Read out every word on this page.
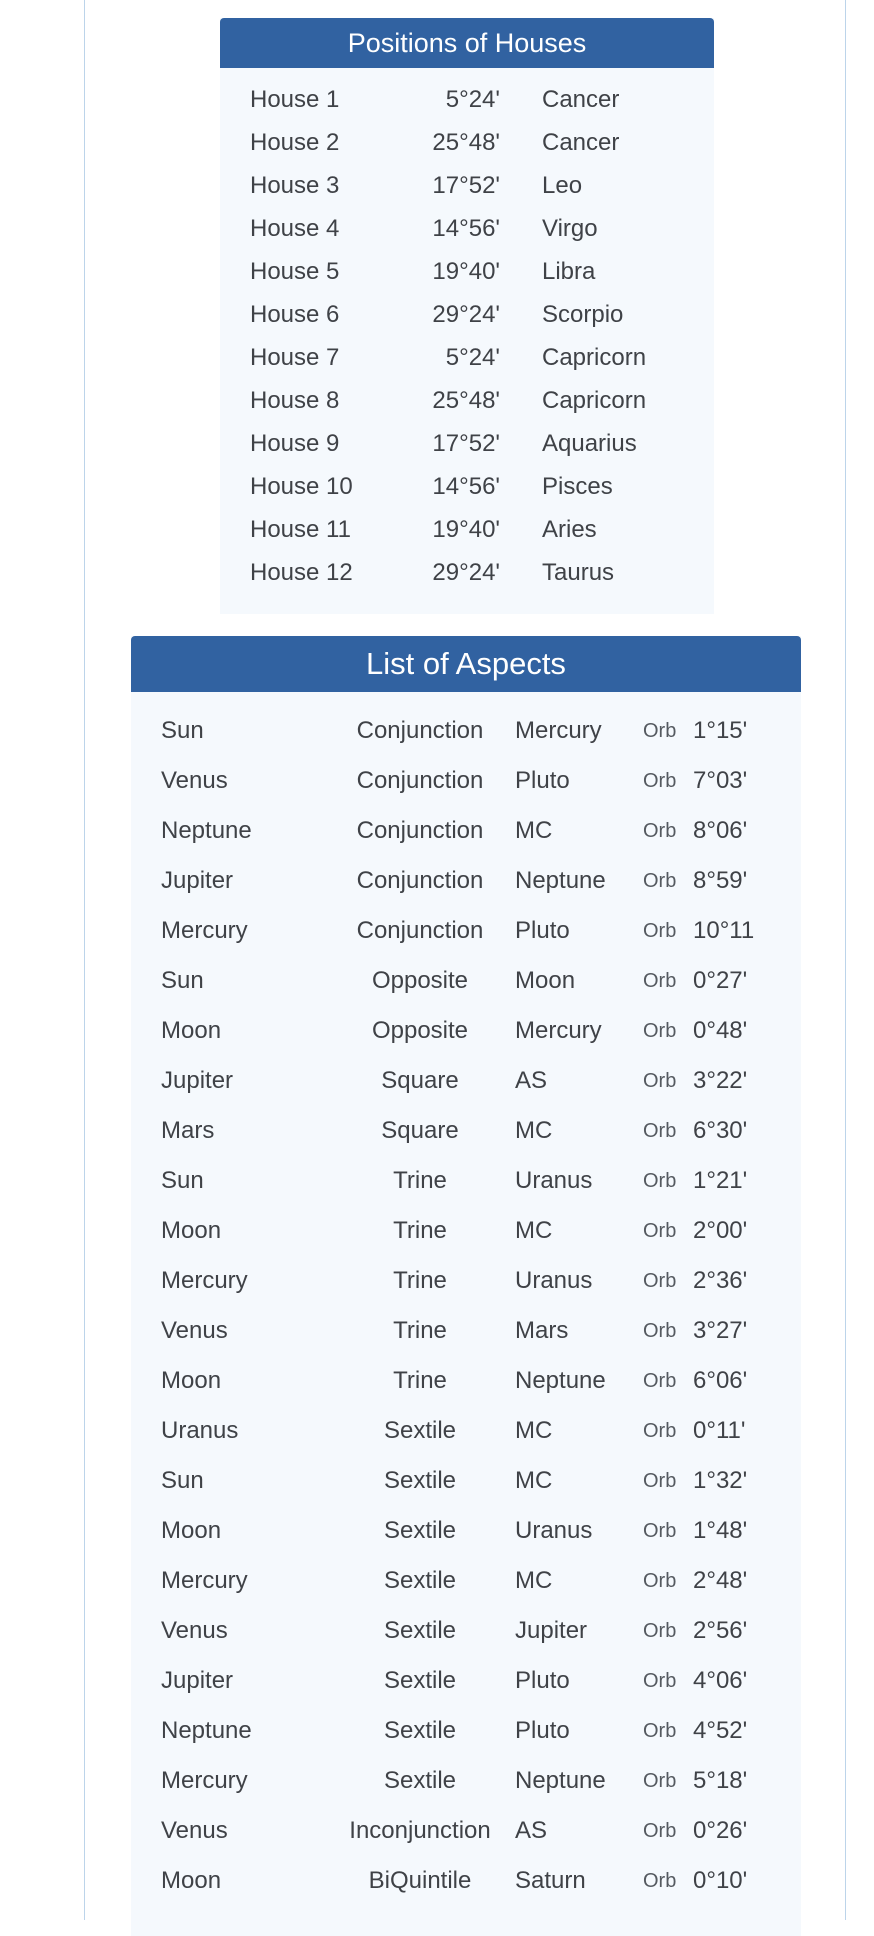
Positions of Houses
House 1	5°24' Cancer
House 2	25°48' Cancer
House 3	17°52' Leo
House 4	14°56' Virgo
House 5	19°40' Libra
House 6	29°24' Scorpio
House 7	5°24' Capricorn
House 8	25°48' Capricorn
House 9	17°52' Aquarius
House 10	14°56' Pisces
House 11	19°40' Aries
House 12	29°24' Taurus
List of Aspects
Sun	Conjunction	Mercury Orb 1°15'
Venus	Conjunction	Pluto	Orb 7°03'
Neptune	Conjunction	MC	Orb 8°06'
Jupiter	Conjunction	Neptune Orb 8°59'
Mercury	Conjunction	Pluto	Orb 10°11
Sun	Opposite	Moon	Orb 0°27'
Moon	Opposite	Mercury Orb 0°48'
Jupiter	Square	AS	Orb 3°22'
Mars	Square	MC	Orb 6°30'
Sun	Trine	Uranus	Orb 1°21'
Moon	Trine	MC	Orb 2°00'
Mercury	Trine	Uranus	Orb 2°36'
Venus	Trine	Mars	Orb 3°27'
Moon	Trine	Neptune Orb 6°06'
Uranus	Sextile	MC	Orb 0°11'
Sun	Sextile	MC	Orb 1°32'
Moon	Sextile	Uranus	Orb 1°48'
Mercury	Sextile	MC	Orb 2°48'
Venus	Sextile	Jupiter	Orb 2°56'
Jupiter	Sextile	Pluto	Orb 4°06'
Neptune	Sextile	Pluto	Orb 4°52'
Mercury	Sextile	Neptune Orb 5°18'
Venus	Inconjunction	AS	Orb 0°26'
Moon	BiQuintile	Saturn	Orb 0°10'
